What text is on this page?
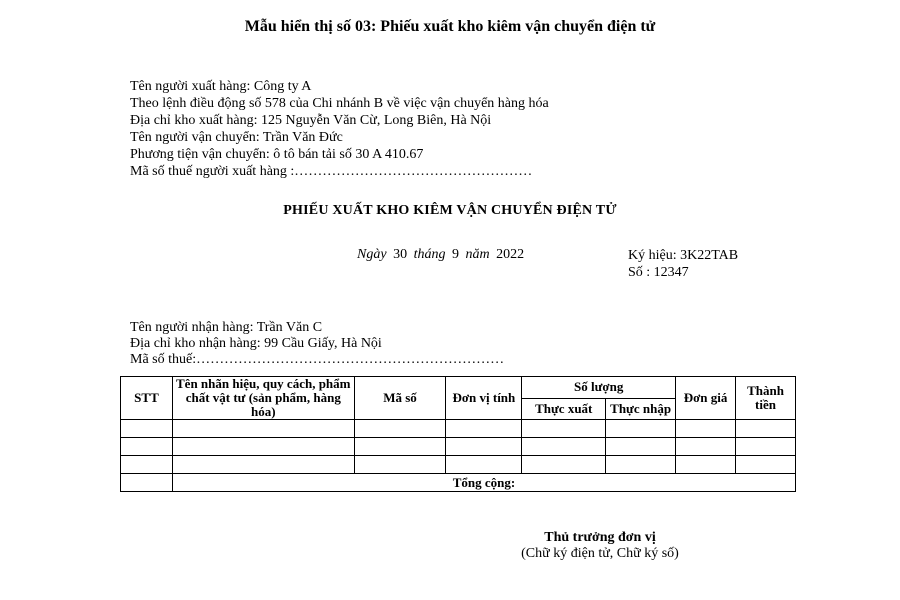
Mẫu hiển thị số 03: Phiếu xuất kho kiêm vận chuyển điện tử
Tên người xuất hàng: Công ty A
Theo lệnh điều động số 578 của Chi nhánh B về việc vận chuyển hàng hóa
Địa chỉ kho xuất hàng: 125 Nguyễn Văn Cừ, Long Biên, Hà Nội
Tên người vận chuyển: Trần Văn Đức
Phương tiện vận chuyển: ô tô bán tải số 30 A 410.67
Mã số thuế người xuất hàng :……………………………………………
PHIẾU XUẤT KHO KIÊM VẬN CHUYỂN ĐIỆN TỬ
Ngày 30 tháng 9 năm 2022	Ký hiệu: 3K22TAB
Số : 12347
Tên người nhận hàng: Trần Văn C
Địa chỉ kho nhận hàng: 99 Cầu Giấy, Hà Nội
Mã số thuế:…………………………………………………………
STT	Tên nhãn hiệu, quy cách, phẩm chất vật tư (sản phẩm, hàng hóa)	Mã số	Đơn vị tính	Số lượng		Đơn giá	Thành tiền
				Thực xuất	Thực nhập		

	Tổng cộng:						
Thủ trưởng đơn vị
(Chữ ký điện tử, Chữ ký số)
